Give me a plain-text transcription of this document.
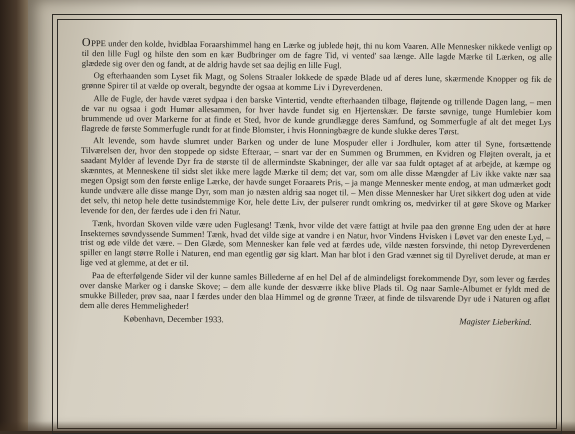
OPPE under den kolde, hvidblaa Foraarshimmel hang en Lærke og jublede højt, thi nu kom Vaaren. Alle Mennesker nikkede venligt op til den lille Fugl og hilste den som en kær Budbringer om de fagre Tid, vi vented' saa længe. Alle lagde Mærke til Lærken, og alle glædede sig over den og fandt, at de aldrig havde set saa dejlig en lille Fugl.

Og efterhaanden som Lyset fik Magt, og Solens Straaler lokkede de spæde Blade ud af deres lune, skærmende Knopper og fik de grønne Spirer til at vælde op overalt, begyndte der ogsaa at komme Liv i Dyreverdenen.

Alle de Fugle, der havde været sydpaa i den barske Vintertid, vendte efterhaanden tilbage, fløjtende og trillende Dagen lang, – men de var nu ogsaa i godt Humør allesammen, for hver havde fundet sig en Hjertenskær. De første søvnige, tunge Humlebier kom brummende ud over Markerne for at finde et Sted, hvor de kunde grundlægge deres Samfund, og Sommerfugle af alt det meget Lys flagrede de første Sommerfugle rundt for at finde Blomster, i hvis Honningbægre de kunde slukke deres Tørst.

Alt levende, som havde slumret under Barken og under de lune Mospuder eller i Jordhuler, kom atter til Syne, fortsættende Tilværelsen der, hvor den stoppede op sidste Efteraar, – snart var der en Summen og Brummen, en Kvidren og Fløjten overalt, ja et saadant Mylder af levende Dyr fra de største til de allermindste Skabninger, der alle var saa fuldt optaget af at arbejde, at kæmpe og skænntes, at Menneskene til sidst slet ikke mere lagde Mærke til dem; det var, som om alle disse Mængder af Liv ikke vakte nær saa megen Opsigt som den første enlige Lærke, der havde sunget Foraarets Pris, – ja mange Mennesker mente endog, at man udmærket godt kunde undvære alle disse mange Dyr, som man jo næsten aldrig saa noget til. – Men disse Mennesker har Uret sikkert dog uden at vide det selv, thi netop hele dette tusindstemmige Kor, hele dette Liv, der pulserer rundt omkring os, medvirker til at gøre Skove og Marker levende for den, der færdes ude i den fri Natur.

Tænk, hvordan Skoven vilde være uden Fuglesang! Tænk, hvor vilde det være fattigt at hvile paa den grønne Eng uden der at høre Insekternes søvndyssende Summen! Tænk, hvad det vilde sige at vandre i en Natur, hvor Vindens Hvisken i Løvet var den eneste Lyd, – trist og øde vilde det være. – Den Glæde, som Mennesker kan føle ved at færdes ude, vilde næsten forsvinde, thi netop Dyreverdenen spiller en langt større Rolle i Naturen, end man egentlig gør sig klart. Man har blot i den Grad vænnet sig til Dyrelivet derude, at man er lige ved at glemme, at det er til.

Paa de efterfølgende Sider vil der kunne samles Billederne af en hel Del af de almindeligst forekommende Dyr, som lever og færdes over danske Marker og i danske Skove; – dem alle kunde der desværre ikke blive Plads til. Og naar Samle-Albumet er fyldt med de smukke Billeder, prøv saa, naar I færdes under den blaa Himmel og de grønne Træer, at finde de tilsvarende Dyr ude i Naturen og afløt dem alle deres Hemmeligheder!

København, December 1933.	Magister Lieberkind.
